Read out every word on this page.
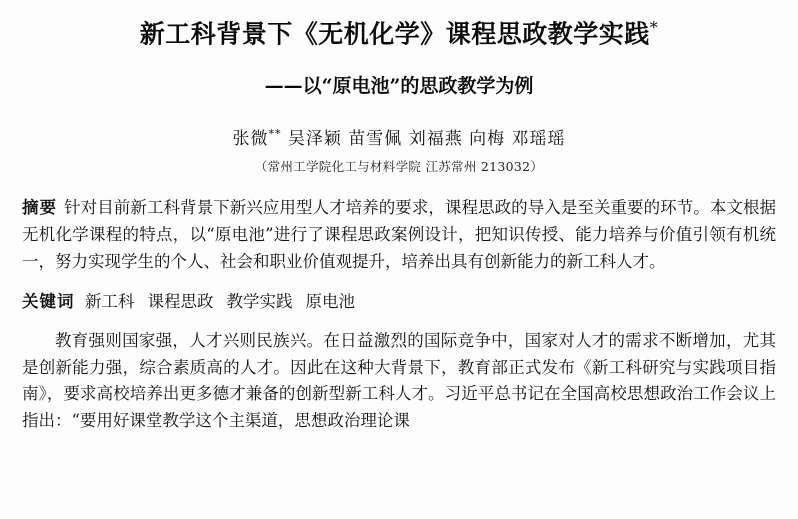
新工科背景下《无机化学》课程思政教学实践*
——以“原电池”的思政教学为例
张微** 吴泽颖 苗雪佩 刘福燕 向梅 邓瑶瑶
（常州工学院化工与材料学院 江苏常州 213032）
摘要 针对目前新工科背景下新兴应用型人才培养的要求，课程思政的导入是至关重要的环节。本文根据无机化学课程的特点，以“原电池”进行了课程思政案例设计，把知识传授、能力培养与价值引领有机统一，努力实现学生的个人、社会和职业价值观提升，培养出具有创新能力的新工科人才。
关键词 新工科 课程思政 教学实践 原电池

教育强则国家强，人才兴则民族兴。在日益激烈的国际竞争中，国家对人才的需求不断增加，尤其是创新能力强，综合素质高的人才。因此在这种大背景下，教育部正式发布《新工科研究与实践项目指南》，要求高校培养出更多德才兼备的创新型新工科人才。习近平总书记在全国高校思想政治工作会议上指出：“要用好课堂教学这个主渠道，思想政治理论课
